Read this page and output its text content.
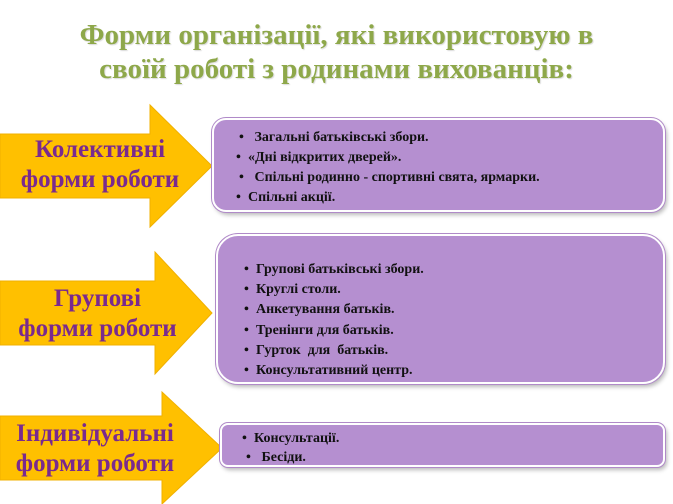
Форми організації, які використовую в
своїй роботі з родинами вихованців:
Колективні
форми роботи
• Загальні батьківські збори.
• «Дні відкритих дверей».
• Спільні родинно - спортивні свята, ярмарки.
• Спільні акції.
Групові
форми роботи
• Групові батьківські збори.
• Круглі столи.
• Анкетування батьків.
• Тренінги для батьків.
• Гурток  для  батьків.
• Консультативний центр.
Індивідуальні
форми роботи
• Консультації.
• Бесіди.
